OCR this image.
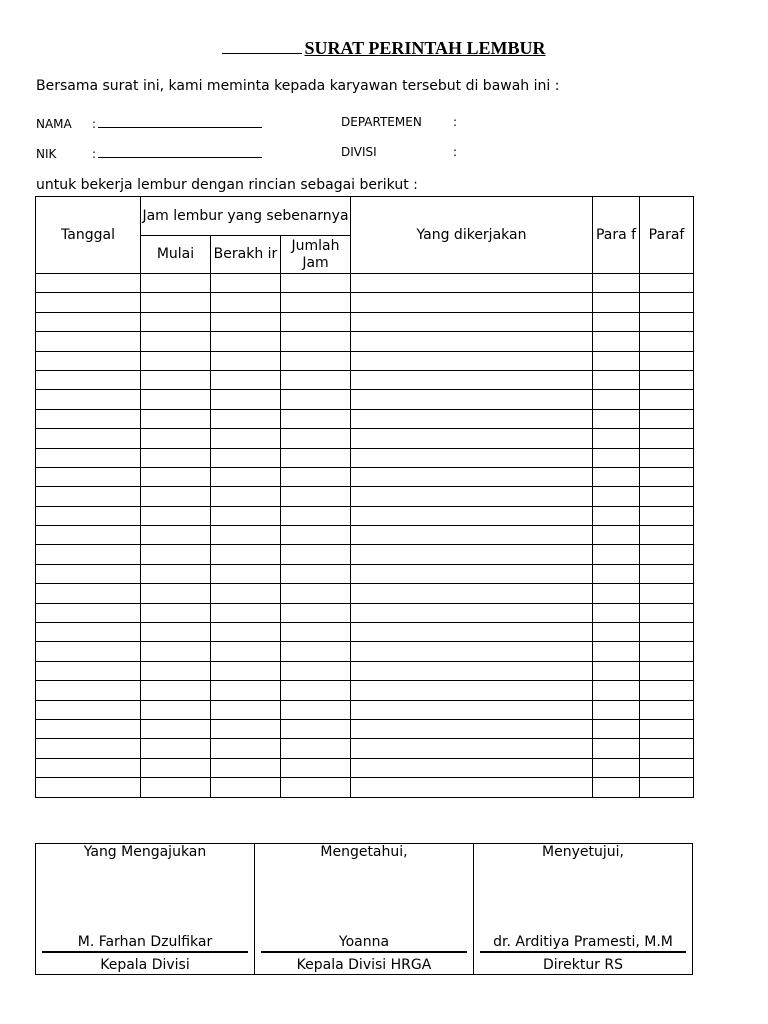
SURAT PERINTAH LEMBUR
Bersama surat ini, kami meminta kepada karyawan tersebut di bawah ini :
NAMA :
NIK	:
DEPARTEMEN	:
DIVISI	:
untuk bekerja lembur dengan rincian sebagai berikut :
Tanggal	Jam lembur yang sebenarnya			Yang dikerjakan	Para f	Paraf
	Mulai	Berakh ir	Jumlah Jam			

Yang Mengajukan
M. Farhan Dzulfikar
Kepala Divisi

Mengetahui,
Yoanna
Kepala Divisi HRGA

Menyetujui,
dr. Arditiya Pramesti, M.M
Direktur RS
